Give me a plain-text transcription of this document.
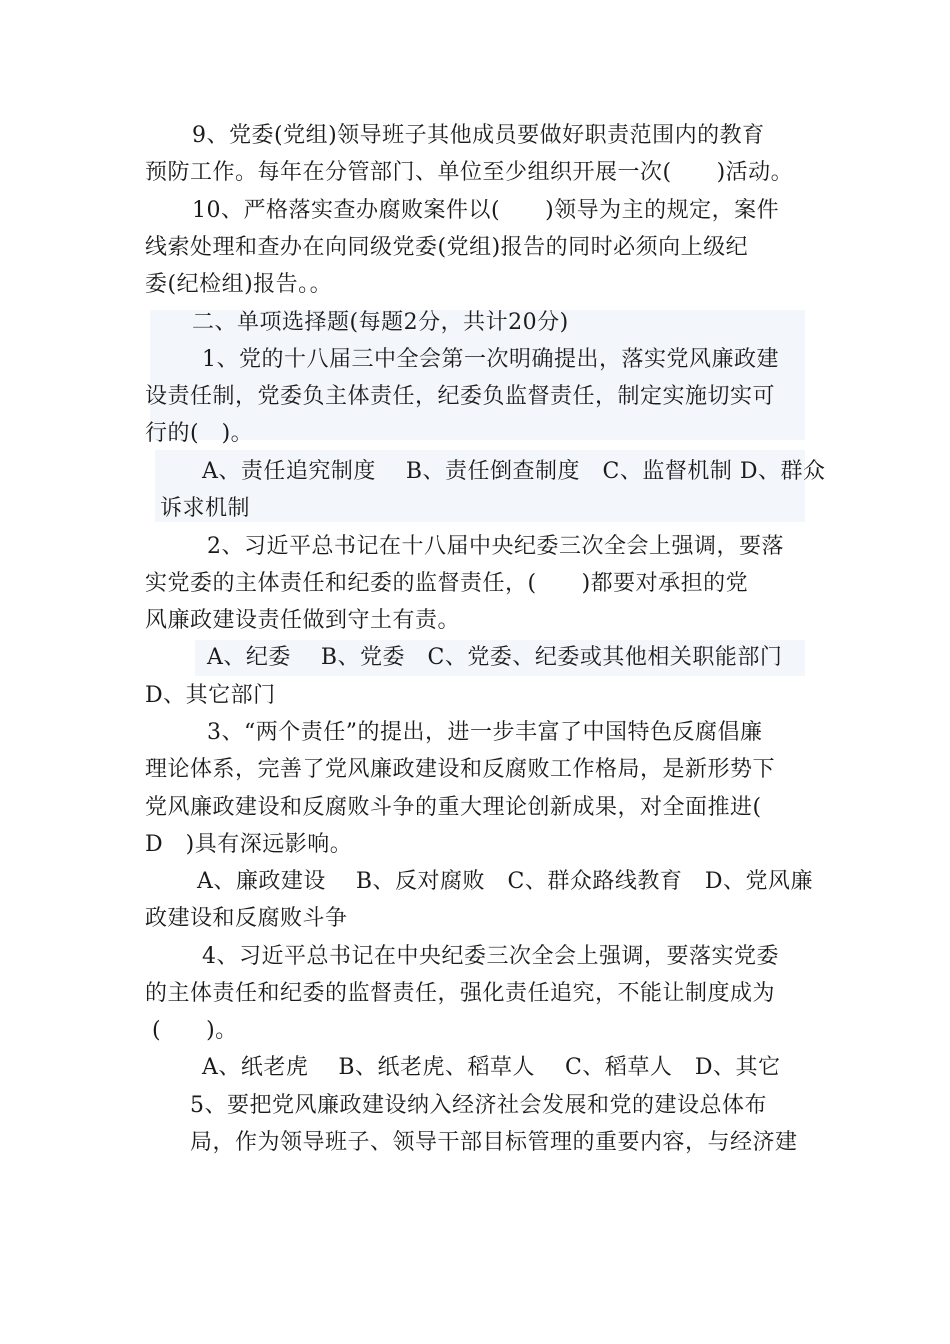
9、党委(党组)领导班子其他成员要做好职责范围内的教育
预防工作。每年在分管部门、单位至少组织开展一次(　　)活动。
10、严格落实查办腐败案件以(　　)领导为主的规定，案件
线索处理和查办在向同级党委(党组)报告的同时必须向上级纪
委(纪检组)报告。。
二、单项选择题(每题2分，共计20分)
1、党的十八届三中全会第一次明确提出，落实党风廉政建
设责任制，党委负主体责任，纪委负监督责任，制定实施切实可
行的(　)。
A、责任追究制度　 B、责任倒查制度　C、监督机制 D、群众
诉求机制
2、习近平总书记在十八届中央纪委三次全会上强调，要落
实党委的主体责任和纪委的监督责任，(　　)都要对承担的党
风廉政建设责任做到守土有责。
A、纪委　 B、党委　C、党委、纪委或其他相关职能部门
D、其它部门
3、“两个责任”的提出，进一步丰富了中国特色反腐倡廉
理论体系，完善了党风廉政建设和反腐败工作格局，是新形势下
党风廉政建设和反腐败斗争的重大理论创新成果，对全面推进(
D　)具有深远影响。
A、廉政建设　 B、反对腐败　C、群众路线教育　D、党风廉
政建设和反腐败斗争
4、习近平总书记在中央纪委三次全会上强调，要落实党委
的主体责任和纪委的监督责任，强化责任追究，不能让制度成为
(　　)。
A、纸老虎　 B、纸老虎、稻草人　 C、稻草人　D、其它
5、要把党风廉政建设纳入经济社会发展和党的建设总体布
局，作为领导班子、领导干部目标管理的重要内容，与经济建
